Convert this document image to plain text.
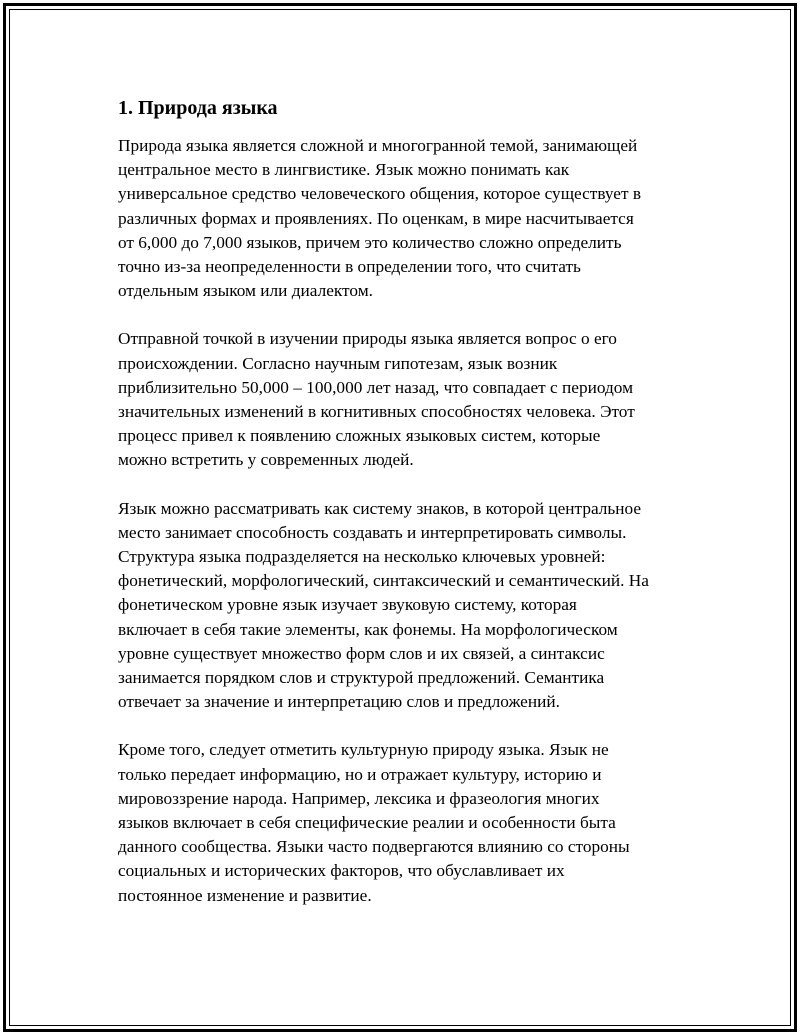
1. Природа языка

Природа языка является сложной и многогранной темой, занимающей
центральное место в лингвистике. Язык можно понимать как
универсальное средство человеческого общения, которое существует в
различных формах и проявлениях. По оценкам, в мире насчитывается
от 6,000 до 7,000 языков, причем это количество сложно определить
точно из-за неопределенности в определении того, что считать
отдельным языком или диалектом.

Отправной точкой в изучении природы языка является вопрос о его
происхождении. Согласно научным гипотезам, язык возник
приблизительно 50,000 – 100,000 лет назад, что совпадает с периодом
значительных изменений в когнитивных способностях человека. Этот
процесс привел к появлению сложных языковых систем, которые
можно встретить у современных людей.

Язык можно рассматривать как систему знаков, в которой центральное
место занимает способность создавать и интерпретировать символы.
Структура языка подразделяется на несколько ключевых уровней:
фонетический, морфологический, синтаксический и семантический. На
фонетическом уровне язык изучает звуковую систему, которая
включает в себя такие элементы, как фонемы. На морфологическом
уровне существует множество форм слов и их связей, а синтаксис
занимается порядком слов и структурой предложений. Семантика
отвечает за значение и интерпретацию слов и предложений.

Кроме того, следует отметить культурную природу языка. Язык не
только передает информацию, но и отражает культуру, историю и
мировоззрение народа. Например, лексика и фразеология многих
языков включает в себя специфические реалии и особенности быта
данного сообщества. Языки часто подвергаются влиянию со стороны
социальных и исторических факторов, что обуславливает их
постоянное изменение и развитие.
